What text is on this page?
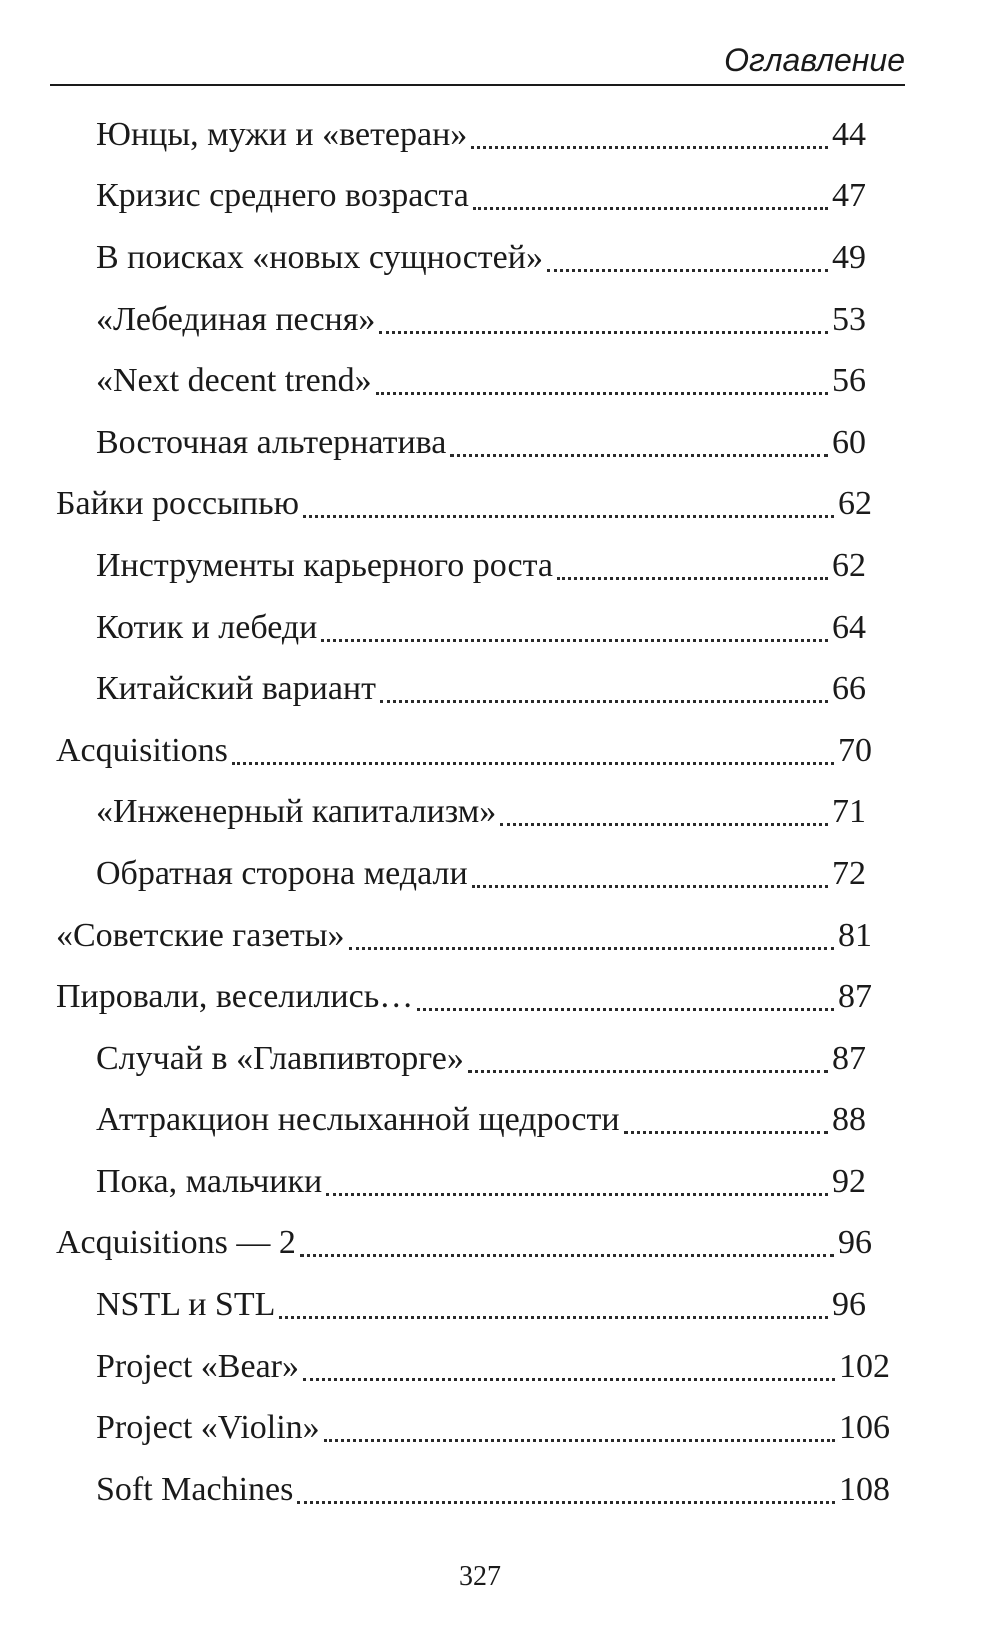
Оглавление
Юнцы, мужи и «ветеран»	44
Кризис среднего возраста	47
В поисках «новых сущностей»	49
«Лебединая песня»	53
«Next decent trend»	56
Восточная альтернатива	60
Байки россыпью	62
Инструменты карьерного роста	62
Котик и лебеди	64
Китайский вариант	66
Acquisitions	70
«Инженерный капитализм»	71
Обратная сторона медали	72
«Советские газеты»	81
Пировали, веселились…	87
Случай в «Главпивторге»	87
Аттракцион неслыханной щедрости	88
Пока, мальчики	92
Acquisitions — 2	96
NSTL и STL	96
Project «Bear»	102
Project «Violin»	106
Soft Machines	108
327
